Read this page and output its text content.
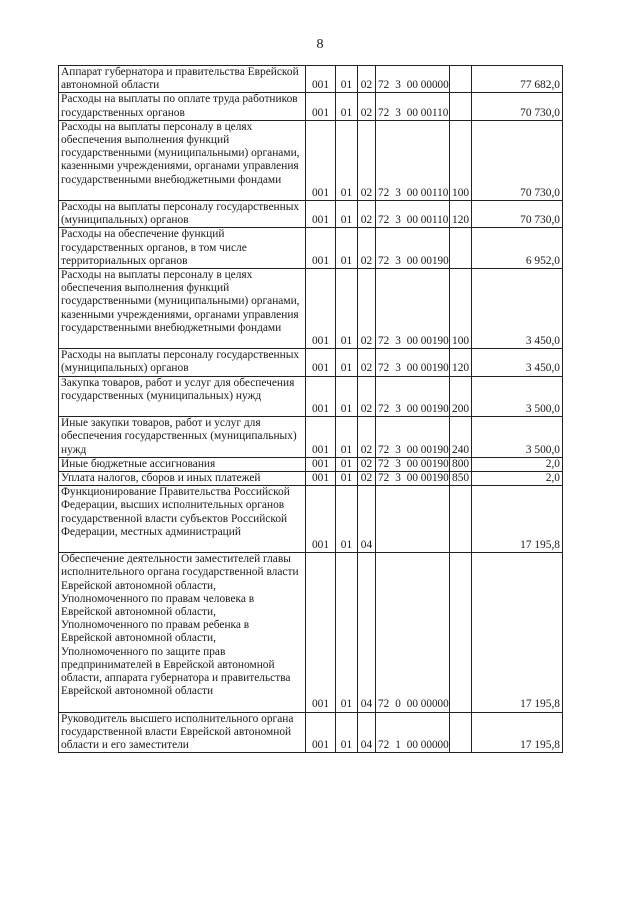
8
Аппарат губернатора и правительства Еврейской автономной области	001	01	02	72 3 00 00000		77 682,0
Расходы на выплаты по оплате труда работников государственных органов	001	01	02	72 3 00 00110		70 730,0
Расходы на выплаты персоналу в целях обеспечения выполнения функций государственными (муниципальными) органами, казенными учреждениями, органами управления государственными внебюджетными фондами	001	01	02	72 3 00 00110	100	70 730,0
Расходы на выплаты персоналу государственных (муниципальных) органов	001	01	02	72 3 00 00110	120	70 730,0
Расходы на обеспечение функций государственных органов, в том числе территориальных органов	001	01	02	72 3 00 00190		6 952,0
Расходы на выплаты персоналу в целях обеспечения выполнения функций государственными (муниципальными) органами, казенными учреждениями, органами управления государственными внебюджетными фондами	001	01	02	72 3 00 00190	100	3 450,0
Расходы на выплаты персоналу государственных (муниципальных) органов	001	01	02	72 3 00 00190	120	3 450,0
Закупка товаров, работ и услуг для обеспечения государственных (муниципальных) нужд	001	01	02	72 3 00 00190	200	3 500,0
Иные закупки товаров, работ и услуг для обеспечения государственных (муниципальных) нужд	001	01	02	72 3 00 00190	240	3 500,0
Иные бюджетные ассигнования	001	01	02	72 3 00 00190	800	2,0
Уплата налогов, сборов и иных платежей	001	01	02	72 3 00 00190	850	2,0
Функционирование Правительства Российской Федерации, высших исполнительных органов государственной власти субъектов Российской Федерации, местных администраций	001	01	04			17 195,8
Обеспечение деятельности заместителей главы исполнительного органа государственной власти Еврейской автономной области, Уполномоченного по правам человека в Еврейской автономной области, Уполномоченного по правам ребенка в Еврейской автономной области, Уполномоченного по защите прав предпринимателей в Еврейской автономной области, аппарата губернатора и правительства Еврейской автономной области	001	01	04	72 0 00 00000		17 195,8
Руководитель высшего исполнительного органа государственной власти Еврейской автономной области и его заместители	001	01	04	72 1 00 00000		17 195,8
